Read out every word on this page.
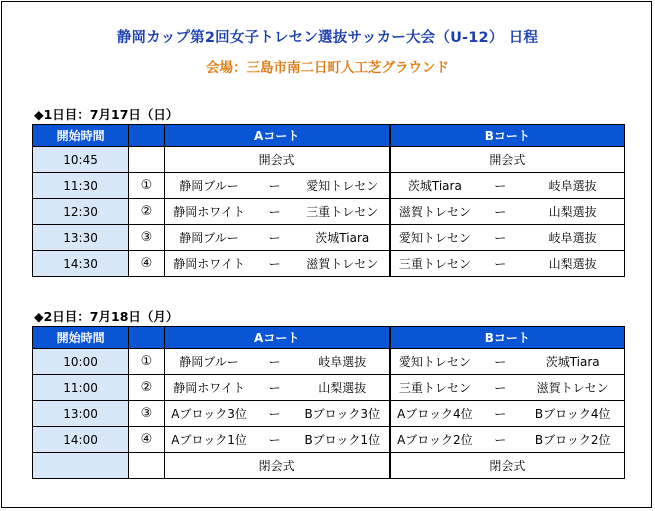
静岡カップ第2回女子トレセン選抜サッカー大会（U-12） 日程
会場：三島市南二日町人工芝グラウンド
◆1日目：7月17日（日）
開始時間		Aコート			Bコート		
10:45		開会式			開会式		
11:30	①	静岡ブルー	ー	愛知トレセン	茨城Tiara	ー	岐阜選抜
12:30	②	静岡ホワイト	ー	三重トレセン	滋賀トレセン	ー	山梨選抜
13:30	③	静岡ブルー	ー	茨城Tiara	愛知トレセン	ー	岐阜選抜
14:30	④	静岡ホワイト	ー	滋賀トレセン	三重トレセン	ー	山梨選抜
◆2日目：7月18日（月）
開始時間		Aコート			Bコート		
10:00	①	静岡ブルー	ー	岐阜選抜	愛知トレセン	ー	茨城Tiara
11:00	②	静岡ホワイト	ー	山梨選抜	三重トレセン	ー	滋賀トレセン
13:00	③	Aブロック3位	ー	Bブロック3位	Aブロック4位	ー	Bブロック4位
14:00	④	Aブロック1位	ー	Bブロック1位	Aブロック2位	ー	Bブロック2位
		閉会式			閉会式		
